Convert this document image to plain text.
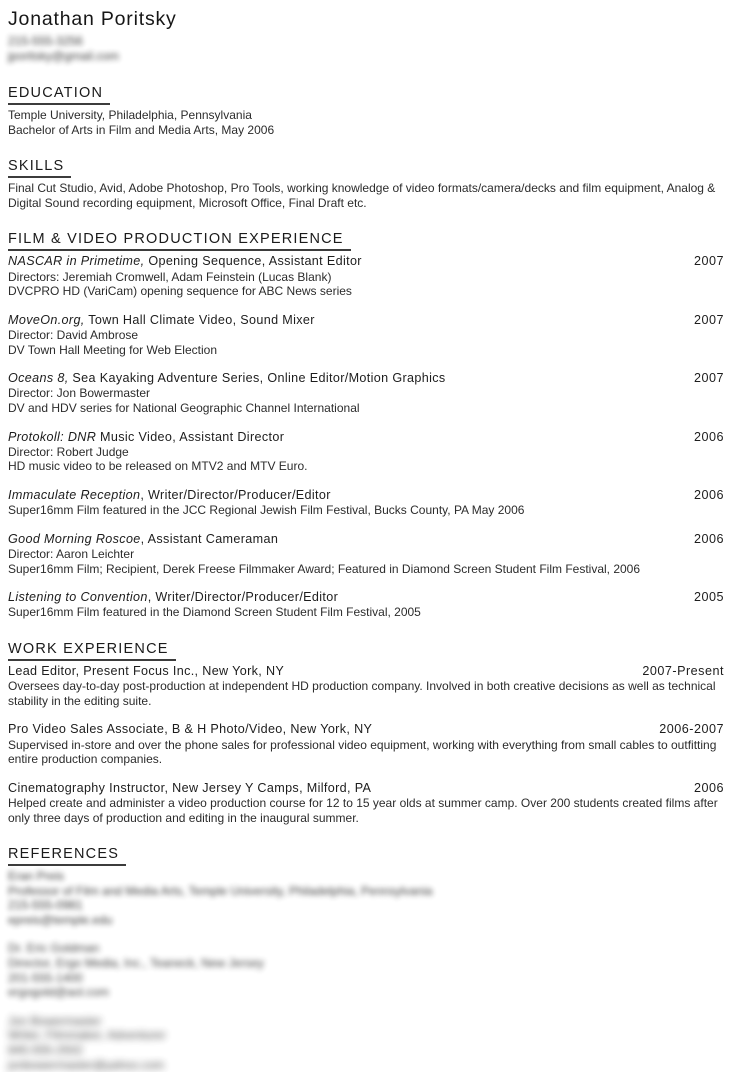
Jonathan Poritsky
215-555-3256
jporitsky@gmail.com
EDUCATION
Temple University, Philadelphia, Pennsylvania
Bachelor of Arts in Film and Media Arts, May 2006
SKILLS
Final Cut Studio, Avid, Adobe Photoshop, Pro Tools, working knowledge of video formats/camera/decks and film equipment, Analog & Digital Sound recording equipment, Microsoft Office, Final Draft etc.
FILM & VIDEO PRODUCTION EXPERIENCE
NASCAR in Primetime, Opening Sequence, Assistant Editor	2007
Directors: Jeremiah Cromwell, Adam Feinstein (Lucas Blank)
DVCPRO HD (VariCam) opening sequence for ABC News series
MoveOn.org, Town Hall Climate Video, Sound Mixer	2007
Director: David Ambrose
DV Town Hall Meeting for Web Election
Oceans 8, Sea Kayaking Adventure Series, Online Editor/Motion Graphics	2007
Director: Jon Bowermaster
DV and HDV series for National Geographic Channel International
Protokoll: DNR Music Video, Assistant Director	2006
Director: Robert Judge
HD music video to be released on MTV2 and MTV Euro.
Immaculate Reception, Writer/Director/Producer/Editor	2006
Super16mm Film featured in the JCC Regional Jewish Film Festival, Bucks County, PA May 2006
Good Morning Roscoe, Assistant Cameraman	2006
Director: Aaron Leichter
Super16mm Film; Recipient, Derek Freese Filmmaker Award; Featured in Diamond Screen Student Film Festival, 2006
Listening to Convention, Writer/Director/Producer/Editor	2005
Super16mm Film featured in the Diamond Screen Student Film Festival, 2005
WORK EXPERIENCE
Lead Editor, Present Focus Inc., New York, NY	2007-Present
Oversees day-to-day post-production at independent HD production company. Involved in both creative decisions as well as technical stability in the editing suite.
Pro Video Sales Associate, B & H Photo/Video, New York, NY	2006-2007
Supervised in-store and over the phone sales for professional video equipment, working with everything from small cables to outfitting entire production companies.
Cinematography Instructor, New Jersey Y Camps, Milford, PA	2006
Helped create and administer a video production course for 12 to 15 year olds at summer camp. Over 200 students created films after only three days of production and editing in the inaugural summer.
REFERENCES
Eran Preis
Professor of Film and Media Arts, Temple University, Philadelphia, Pennsylvania
215-555-0981
epreis@temple.edu
Dr. Eric Goldman
Director, Ergo Media, Inc., Teaneck, New Jersey
201-555-1400
ergogold@aol.com
Jon Bowermaster
Writer, Filmmaker, Adventurer
845-555-2502
jonbowermaster@yahoo.com
